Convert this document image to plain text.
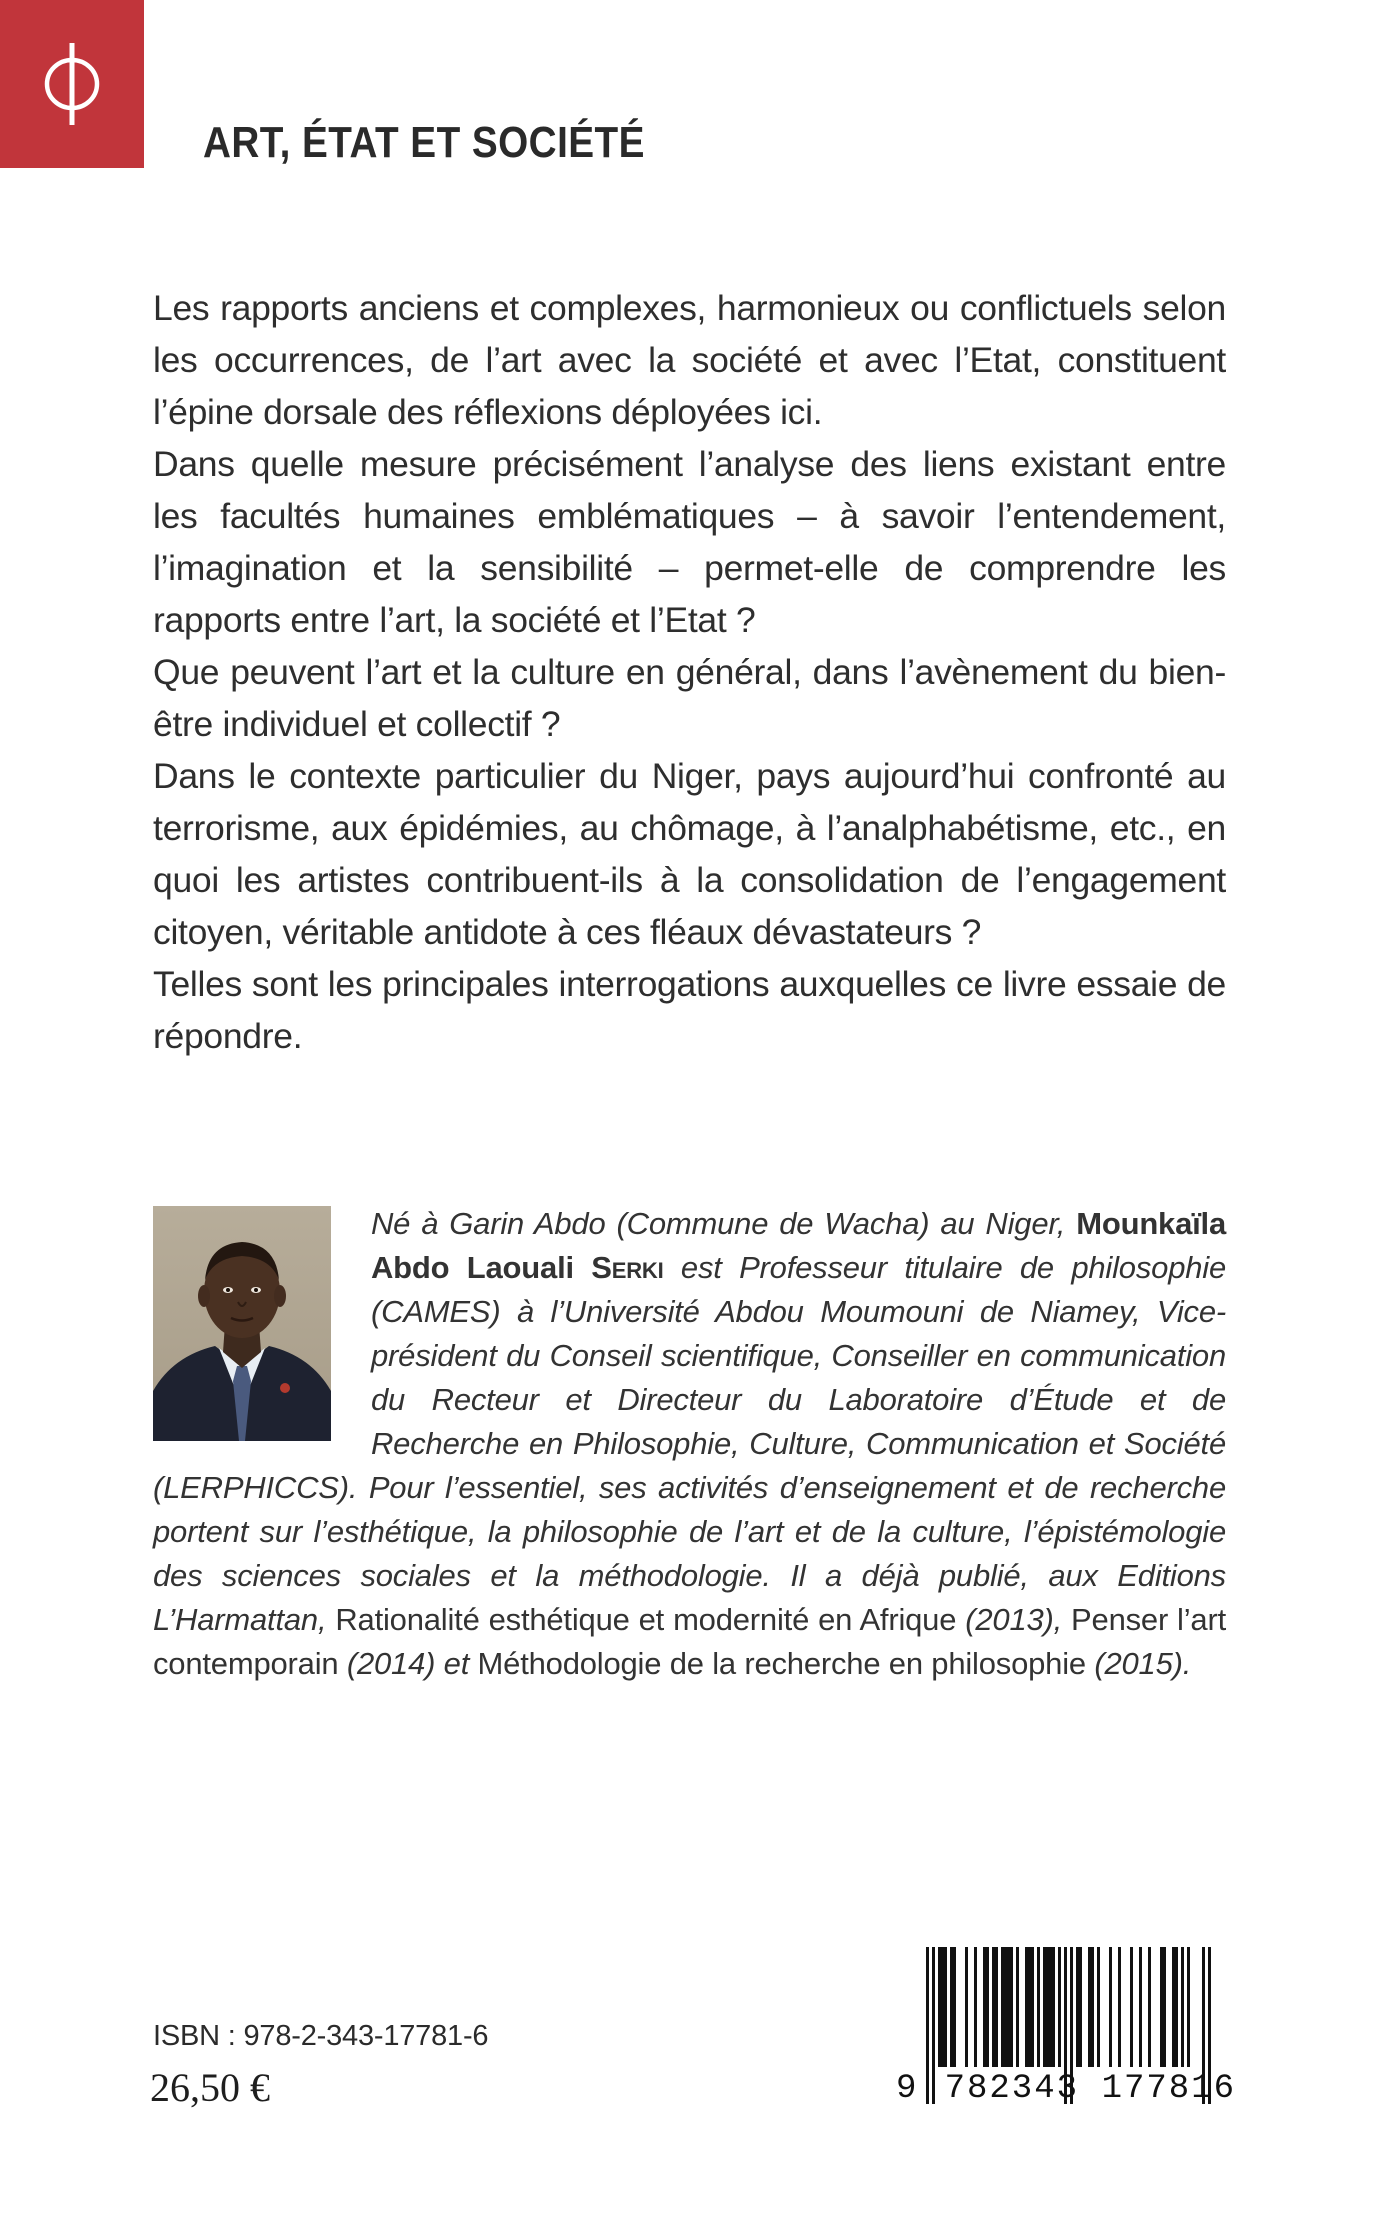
ART, ÉTAT ET SOCIÉTÉ

Les rapports anciens et complexes, harmonieux ou conflictuels selon les occurrences, de l’art avec la société et avec l’Etat, constituent l’épine dorsale des réflexions déployées ici.

Dans quelle mesure précisément l’analyse des liens existant entre les facultés humaines emblématiques – à savoir l’entendement, l’imagination et la sensibilité – permet-elle de comprendre les rapports entre l’art, la société et l’Etat ?

Que peuvent l’art et la culture en général, dans l’avènement du bien-être individuel et collectif ?

Dans le contexte particulier du Niger, pays aujourd’hui confronté au terrorisme, aux épidémies, au chômage, à l’analphabétisme, etc., en quoi les artistes contribuent-ils à la consolidation de l’engagement citoyen, véritable antidote à ces fléaux dévastateurs ?

Telles sont les principales interrogations auxquelles ce livre essaie de répondre.

Né à Garin Abdo (Commune de Wacha) au Niger, Mounkaïla Abdo Laouali Serki est Professeur titulaire de philosophie (CAMES) à l’Université Abdou Moumouni de Niamey, Vice-président du Conseil scientifique, Conseiller en communication du Recteur et Directeur du Laboratoire d’Étude et de Recherche en Philosophie, Culture, Communication et Société (LERPHICCS). Pour l’essentiel, ses activités d’enseignement et de recherche portent sur l’esthétique, la philosophie de l’art et de la culture, l’épistémologie des sciences sociales et la méthodologie. Il a déjà publié, aux Editions L’Harmattan, Rationalité esthétique et modernité en Afrique (2013), Penser l’art contemporain (2014) et Méthodologie de la recherche en philosophie (2015).
ISBN : 978-2-343-17781-6
26,50 €	9 782343 177816
